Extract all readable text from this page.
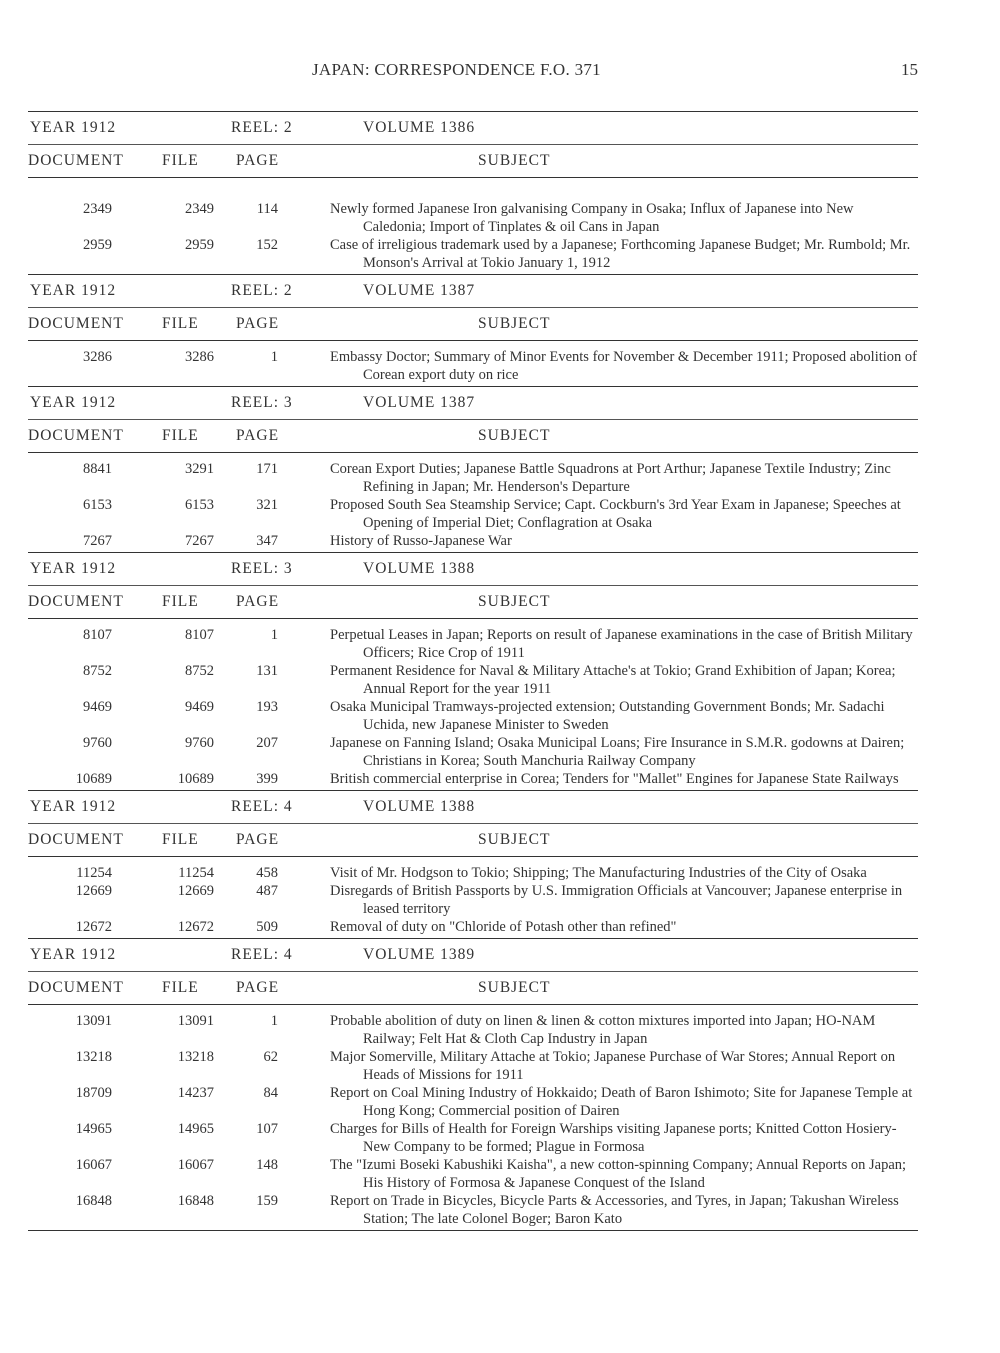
JAPAN: CORRESPONDENCE F.O. 371	15
YEAR 1912	REEL: 2	VOLUME 1386
DOCUMENT FILE PAGE	SUBJECT
2349	2349	114	Newly formed Japanese Iron galvanising Company in Osaka; Influx of Japanese into New Caledonia; Import of Tinplates & oil Cans in Japan
2959	2959	152	Case of irreligious trademark used by a Japanese; Forthcoming Japanese Budget; Mr. Rumbold; Mr. Monson's Arrival at Tokio January 1, 1912
YEAR 1912	REEL: 2	VOLUME 1387
DOCUMENT FILE PAGE	SUBJECT
3286	3286	1	Embassy Doctor; Summary of Minor Events for November & December 1911; Proposed abolition of Corean export duty on rice
YEAR 1912	REEL: 3	VOLUME 1387
DOCUMENT FILE PAGE	SUBJECT
8841	3291	171	Corean Export Duties; Japanese Battle Squadrons at Port Arthur; Japanese Textile Industry; Zinc Refining in Japan; Mr. Henderson's Departure
6153	6153	321	Proposed South Sea Steamship Service; Capt. Cockburn's 3rd Year Exam in Japanese; Speeches at Opening of Imperial Diet; Conflagration at Osaka
7267	7267	347	History of Russo-Japanese War
YEAR 1912	REEL: 3	VOLUME 1388
DOCUMENT FILE PAGE	SUBJECT
8107	8107	1	Perpetual Leases in Japan; Reports on result of Japanese examinations in the case of British Military Officers; Rice Crop of 1911
8752	8752	131	Permanent Residence for Naval & Military Attache's at Tokio; Grand Exhibition of Japan; Korea; Annual Report for the year 1911
9469	9469	193	Osaka Municipal Tramways-projected extension; Outstanding Government Bonds; Mr. Sadachi Uchida, new Japanese Minister to Sweden
9760	9760	207	Japanese on Fanning Island; Osaka Municipal Loans; Fire Insurance in S.M.R. godowns at Dairen; Christians in Korea; South Manchuria Railway Company
10689	10689	399	British commercial enterprise in Corea; Tenders for "Mallet" Engines for Japanese State Railways
YEAR 1912	REEL: 4	VOLUME 1388
DOCUMENT FILE PAGE	SUBJECT
11254	11254	458	Visit of Mr. Hodgson to Tokio; Shipping; The Manufacturing Industries of the City of Osaka
12669	12669	487	Disregards of British Passports by U.S. Immigration Officials at Vancouver; Japanese enterprise in leased territory
12672	12672	509	Removal of duty on "Chloride of Potash other than refined"
YEAR 1912	REEL: 4	VOLUME 1389
DOCUMENT FILE PAGE	SUBJECT
13091	13091	1	Probable abolition of duty on linen & linen & cotton mixtures imported into Japan; HO-NAM Railway; Felt Hat & Cloth Cap Industry in Japan
13218	13218	62	Major Somerville, Military Attache at Tokio; Japanese Purchase of War Stores; Annual Report on Heads of Missions for 1911
18709	14237	84	Report on Coal Mining Industry of Hokkaido; Death of Baron Ishimoto; Site for Japanese Temple at Hong Kong; Commercial position of Dairen
14965	14965	107	Charges for Bills of Health for Foreign Warships visiting Japanese ports; Knitted Cotton Hosiery-New Company to be formed; Plague in Formosa
16067	16067	148	The "Izumi Boseki Kabushiki Kaisha", a new cotton-spinning Company; Annual Reports on Japan; His History of Formosa & Japanese Conquest of the Island
16848	16848	159	Report on Trade in Bicycles, Bicycle Parts & Accessories, and Tyres, in Japan; Takushan Wireless Station; The late Colonel Boger; Baron Kato
